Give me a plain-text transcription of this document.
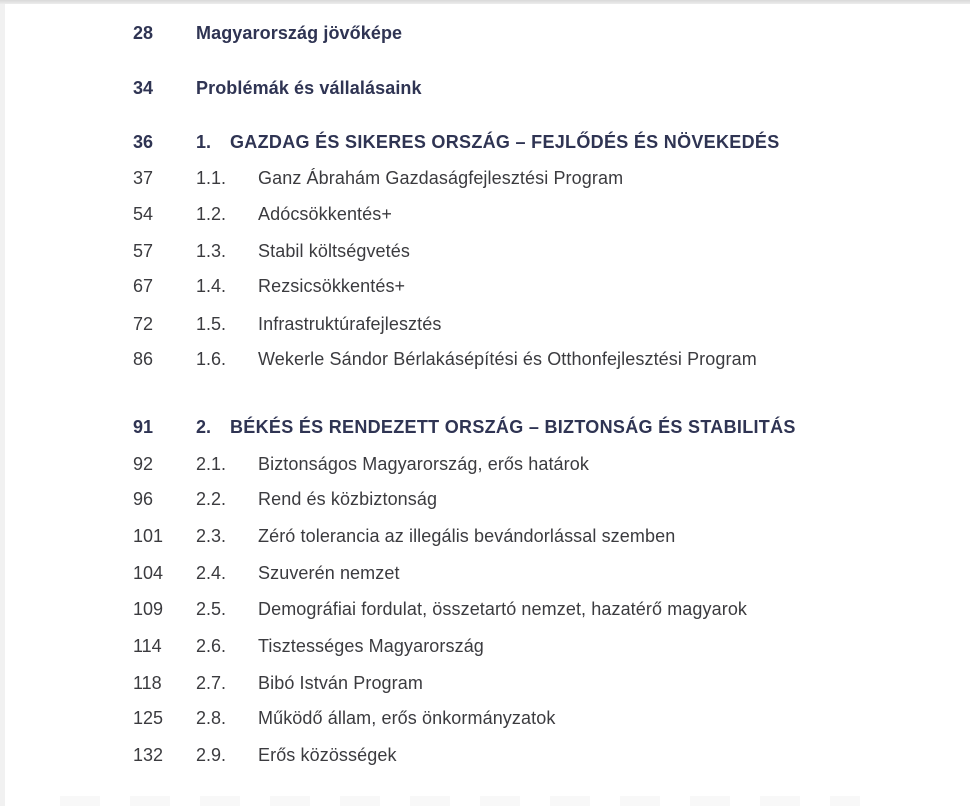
28	Magyarország jövőképe
34	Problémák és vállalásaink
36	1. GAZDAG ÉS SIKERES ORSZÁG – FEJLŐDÉS ÉS NÖVEKEDÉS
37	1.1. Ganz Ábrahám Gazdaságfejlesztési Program
54	1.2. Adócsökkentés+
57	1.3. Stabil költségvetés
67	1.4. Rezsicsökkentés+
72	1.5. Infrastruktúrafejlesztés
86	1.6. Wekerle Sándor Bérlakásépítési és Otthonfejlesztési Program
91	2. BÉKÉS ÉS RENDEZETT ORSZÁG – BIZTONSÁG ÉS STABILITÁS
92	2.1. Biztonságos Magyarország, erős határok
96	2.2. Rend és közbiztonság
101	2.3. Zéró tolerancia az illegális bevándorlással szemben
104	2.4. Szuverén nemzet
109	2.5. Demográfiai fordulat, összetartó nemzet, hazatérő magyarok
114	2.6. Tisztességes Magyarország
118	2.7. Bibó István Program
125	2.8. Működő állam, erős önkormányzatok
132	2.9. Erős közösségek
